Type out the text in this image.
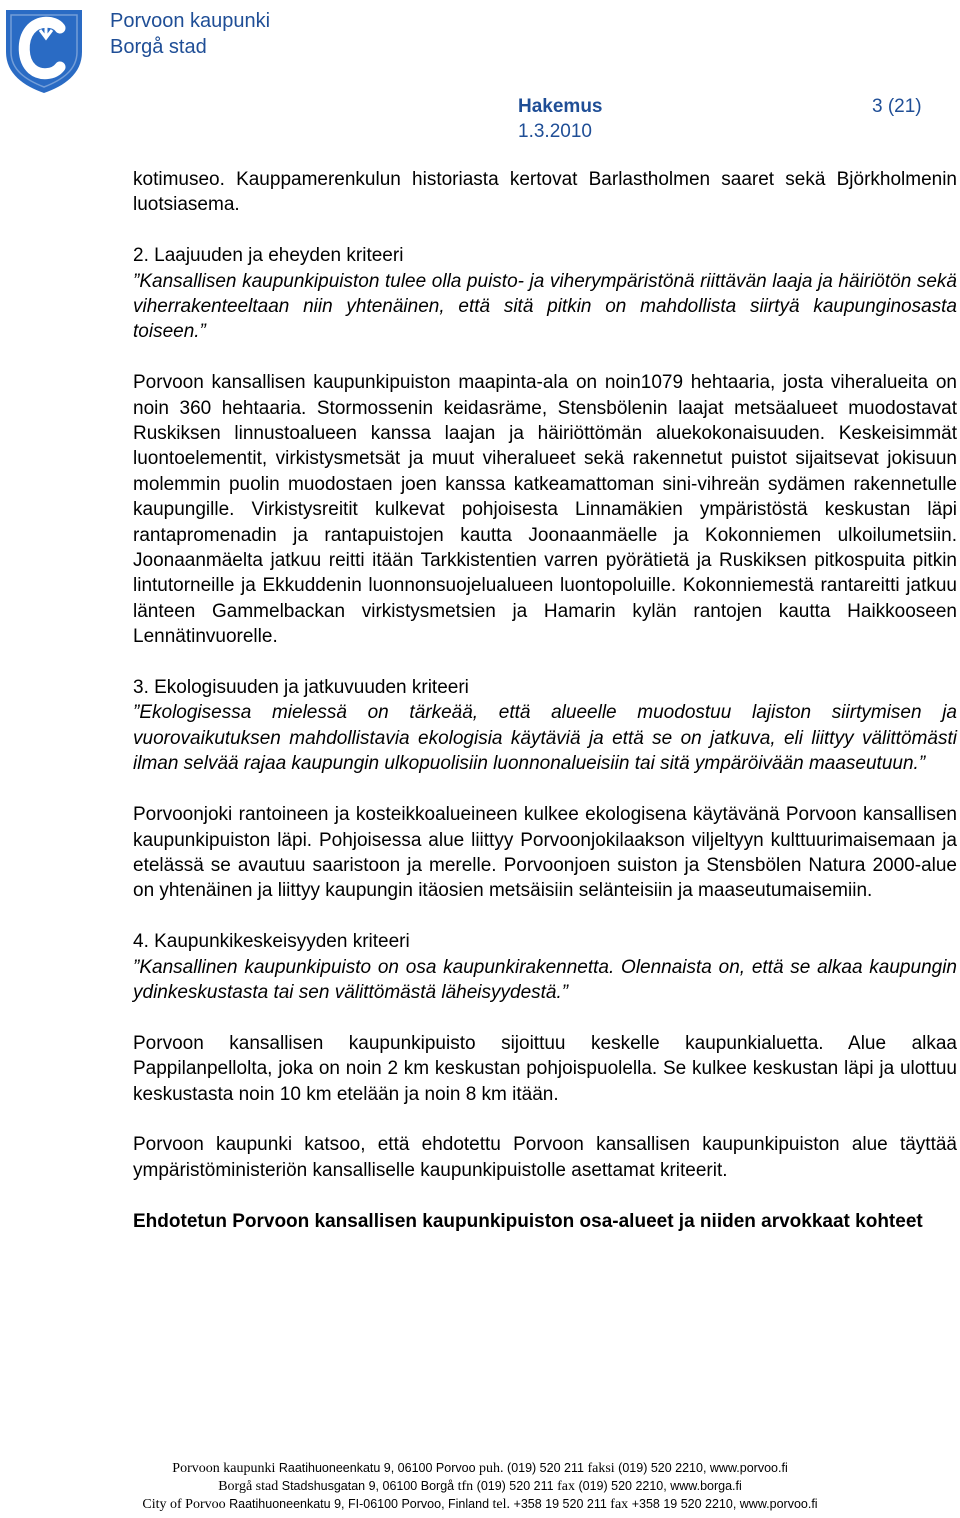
Porvoon kaupunki
Borgå stad
Hakemus	3 (21)
1.3.2010

kotimuseo. Kauppamerenkulun historiasta kertovat Barlastholmen saaret sekä Björkholmenin luotsiasema.

2. Laajuuden ja eheyden kriteeri

”Kansallisen kaupunkipuiston tulee olla puisto- ja viherympäristönä riittävän laaja ja häiriötön sekä viherrakenteeltaan niin yhtenäinen, että sitä pitkin on mahdollista siirtyä kaupunginosasta toiseen.”

Porvoon kansallisen kaupunkipuiston maapinta-ala on noin1079 hehtaaria, josta viheralueita on noin 360 hehtaaria. Stormossenin keidasräme, Stensbölenin laajat metsäalueet muodostavat Ruskiksen linnustoalueen kanssa laajan ja häiriöttömän aluekokonaisuuden. Keskeisimmät luontoelementit, virkistysmetsät ja muut viheralueet sekä rakennetut puistot sijaitsevat jokisuun molemmin puolin muodostaen joen kanssa katkeamattoman sini-vihreän sydämen rakennetulle kaupungille. Virkistysreitit kulkevat pohjoisesta Linnamäkien ympäristöstä keskustan läpi rantapromenadin ja rantapuistojen kautta Joonaanmäelle ja Kokonniemen ulkoilumetsiin. Joonaanmäelta jatkuu reitti itään Tarkkistentien varren pyörätietä ja Ruskiksen pitkospuita pitkin lintutorneille ja Ekkuddenin luonnonsuojelualueen luontopoluille. Kokonniemestä rantareitti jatkuu länteen Gammelbackan virkistysmetsien ja Hamarin kylän rantojen kautta Haikkooseen Lennätinvuorelle.

3. Ekologisuuden ja jatkuvuuden kriteeri

”Ekologisessa mielessä on tärkeää, että alueelle muodostuu lajiston siirtymisen ja vuorovaikutuksen mahdollistavia ekologisia käytäviä ja että se on jatkuva, eli liittyy välittömästi ilman selvää rajaa kaupungin ulkopuolisiin luonnonalueisiin tai sitä ympäröivään maaseutuun.”

Porvoonjoki rantoineen ja kosteikkoalueineen kulkee ekologisena käytävänä Porvoon kansallisen kaupunkipuiston läpi. Pohjoisessa alue liittyy Porvoonjokilaakson viljeltyyn kulttuurimaisemaan ja etelässä se avautuu saaristoon ja merelle. Porvoonjoen suiston ja Stensbölen Natura 2000-alue on yhtenäinen ja liittyy kaupungin itäosien metsäisiin selänteisiin ja maaseutumaisemiin.

4. Kaupunkikeskeisyyden kriteeri

”Kansallinen kaupunkipuisto on osa kaupunkirakennetta. Olennaista on, että se alkaa kaupungin ydinkeskustasta tai sen välittömästä läheisyydestä.”

Porvoon kansallisen kaupunkipuisto sijoittuu keskelle kaupunkialuetta. Alue alkaa Pappilanpellolta, joka on noin 2 km keskustan pohjoispuolella. Se kulkee keskustan läpi ja ulottuu keskustasta noin 10 km etelään ja noin 8 km itään.

Porvoon kaupunki katsoo, että ehdotettu Porvoon kansallisen kaupunkipuiston alue täyttää ympäristöministeriön kansalliselle kaupunkipuistolle asettamat kriteerit.

Ehdotetun Porvoon kansallisen kaupunkipuiston osa-alueet ja niiden arvokkaat kohteet

Porvoon kaupunki Raatihuoneenkatu 9, 06100 Porvoo puh. (019) 520 211 faksi (019) 520 2210, www.porvoo.fi
Borgå stad Stadshusgatan 9, 06100 Borgå tfn (019) 520 211 fax (019) 520 2210, www.borga.fi
City of Porvoo Raatihuoneenkatu 9, FI-06100 Porvoo, Finland tel. +358 19 520 211 fax +358 19 520 2210, www.porvoo.fi
